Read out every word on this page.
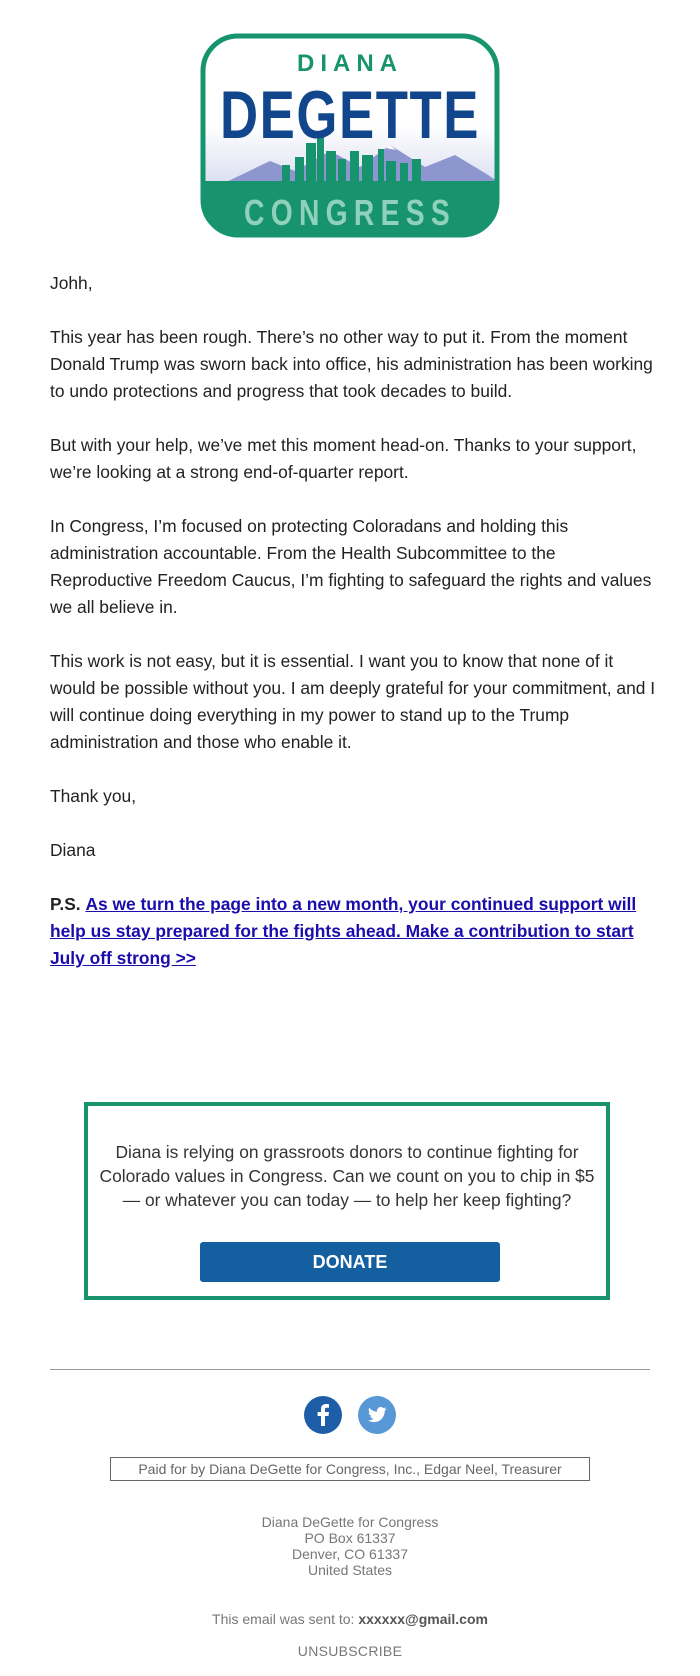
DIANA
DEGETTE
CONGRESS

Johh,

This year has been rough. There’s no other way to put it. From the moment Donald Trump was sworn back into office, his administration has been working to undo protections and progress that took decades to build.

But with your help, we’ve met this moment head-on. Thanks to your support, we’re looking at a strong end-of-quarter report.

In Congress, I’m focused on protecting Coloradans and holding this administration accountable. From the Health Subcommittee to the Reproductive Freedom Caucus, I’m fighting to safeguard the rights and values we all believe in.

This work is not easy, but it is essential. I want you to know that none of it would be possible without you. I am deeply grateful for your commitment, and I will continue doing everything in my power to stand up to the Trump administration and those who enable it.

Thank you,

Diana

P.S. As we turn the page into a new month, your continued support will help us stay prepared for the fights ahead. Make a contribution to start July off strong >>

Diana is relying on grassroots donors to continue fighting for Colorado values in Congress. Can we count on you to chip in $5 — or whatever you can today — to help her keep fighting?
DONATE
Paid for by Diana DeGette for Congress, Inc., Edgar Neel, Treasurer
Diana DeGette for Congress
PO Box 61337
Denver, CO 61337
United States
This email was sent to: xxxxxx@gmail.com
UNSUBSCRIBE
